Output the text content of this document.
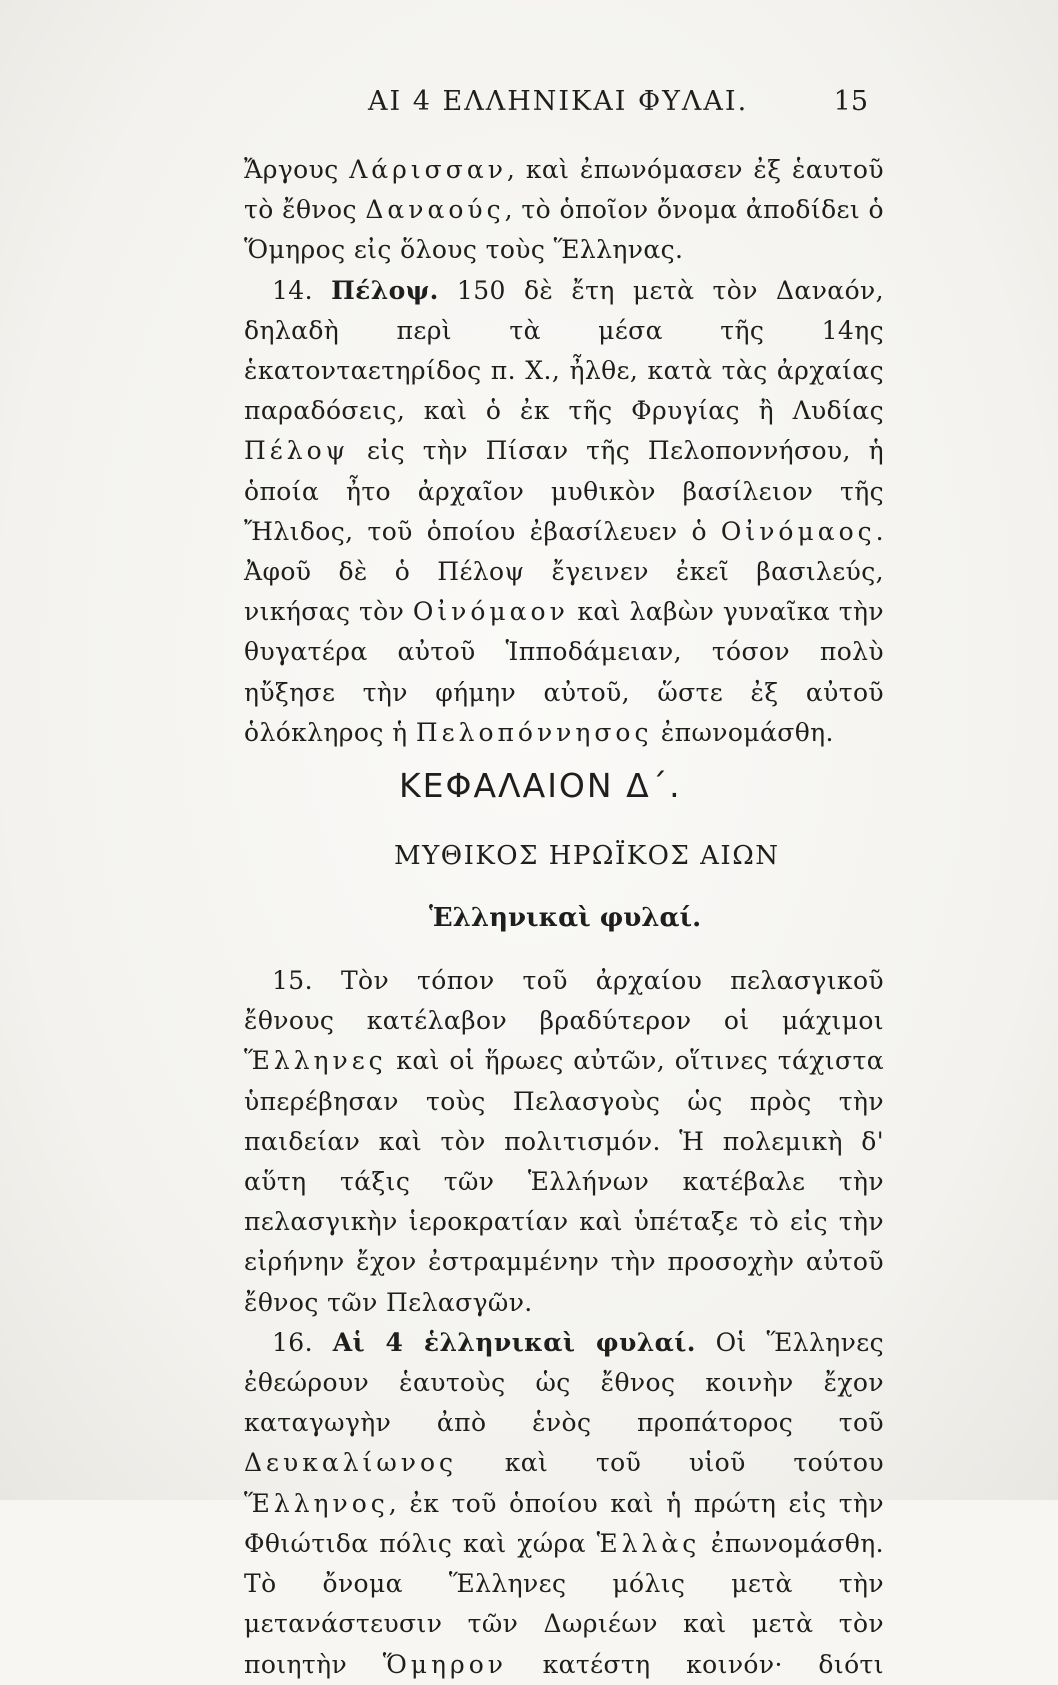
ΑΙ 4 ΕΛΛΗΝΙΚΑΙ ΦΥΛΑΙ.	15

Ἄργους Λάρισσαν, καὶ ἐπωνόμασεν ἐξ ἑαυτοῦ τὸ ἔθνος Δαναούς, τὸ ὁποῖον ὄνομα ἀποδίδει ὁ Ὅμηρος εἰς ὅλους τοὺς Ἕλληνας.

14. Πέλοψ. 150 δὲ ἔτη μετὰ τὸν Δαναόν, δηλαδὴ περὶ τὰ μέσα τῆς 14ης ἑκατονταετηρίδος π. Χ., ἦλθε, κατὰ τὰς ἀρχαίας παραδόσεις, καὶ ὁ ἐκ τῆς Φρυγίας ἢ Λυδίας Πέλοψ εἰς τὴν Πίσαν τῆς Πελοποννήσου, ἡ ὁποία ἦτο ἀρχαῖον μυθικὸν βασίλειον τῆς Ἤλιδος, τοῦ ὁποίου ἐβασίλευεν ὁ Οἰνόμαος. Ἀφοῦ δὲ ὁ Πέλοψ ἔγεινεν ἐκεῖ βασιλεύς, νικήσας τὸν Οἰνόμαον καὶ λαβὼν γυναῖκα τὴν θυγατέρα αὐτοῦ Ἱπποδάμειαν, τόσον πολὺ ηὔξησε τὴν φήμην αὐτοῦ, ὥστε ἐξ αὐτοῦ ὁλόκληρος ἡ Πελοπόννησος ἐπωνομάσθη.

ΚΕΦΑΛΑΙΟΝ Δ΄.
ΜΥΘΙΚΟΣ ΗΡΩΪΚΟΣ ΑΙΩΝ
Ἑλληνικαὶ φυλαί.

15. Τὸν τόπον τοῦ ἀρχαίου πελασγικοῦ ἔθνους κατέλαβον βραδύτερον οἱ μάχιμοι Ἕλληνες καὶ οἱ ἥρωες αὐτῶν, οἵτινες τάχιστα ὑπερέβησαν τοὺς Πελασγοὺς ὡς πρὸς τὴν παιδείαν καὶ τὸν πολιτισμόν. Ἡ πολεμικὴ δ' αὕτη τάξις τῶν Ἑλλήνων κατέβαλε τὴν πελασγικὴν ἱεροκρατίαν καὶ ὑπέταξε τὸ εἰς τὴν εἰρήνην ἔχον ἐστραμμένην τὴν προσοχὴν αὐτοῦ ἔθνος τῶν Πελασγῶν.

16. Αἱ 4 ἑλληνικαὶ φυλαί. Οἱ Ἕλληνες ἐθεώρουν ἑαυτοὺς ὡς ἔθνος κοινὴν ἔχον καταγωγὴν ἀπὸ ἑνὸς προπάτορος τοῦ Δευκαλίωνος καὶ τοῦ υἱοῦ τούτου Ἕλληνος, ἐκ τοῦ ὁποίου καὶ ἡ πρώτη εἰς τὴν Φθιώτιδα πόλις καὶ χώρα Ἑλλὰς ἐπωνομάσθη. Τὸ ὄνομα Ἕλληνες μόλις μετὰ τὴν μετανάστευσιν τῶν Δωριέων καὶ μετὰ τὸν ποιητὴν Ὅμηρον κατέστη κοινόν· διότι
